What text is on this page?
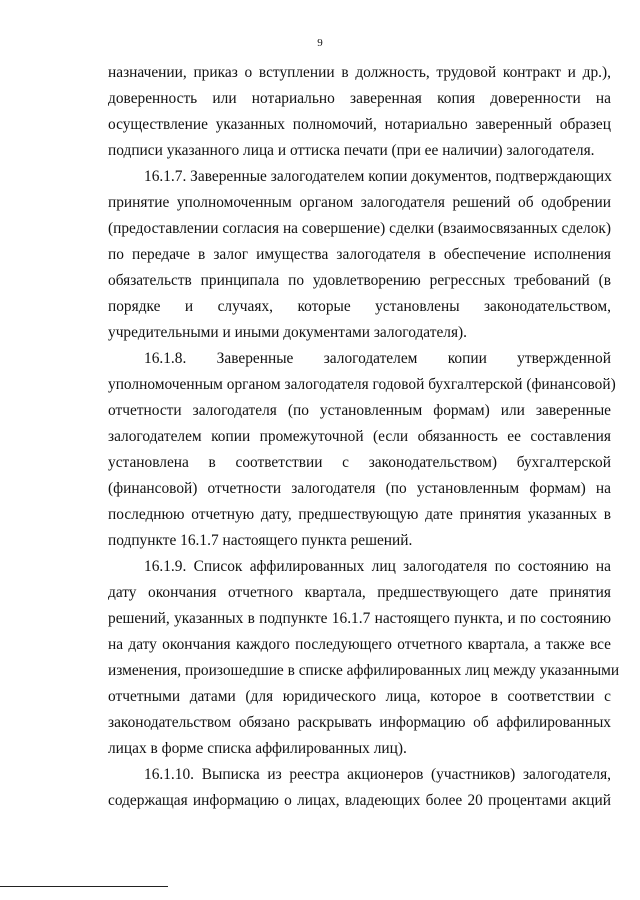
9
назначении, приказ о вступлении в должность, трудовой контракт и др.),
доверенность или нотариально заверенная копия доверенности на
осуществление указанных полномочий, нотариально заверенный образец
подписи указанного лица и оттиска печати (при ее наличии) залогодателя.
16.1.7. Заверенные залогодателем копии документов, подтверждающих
принятие уполномоченным органом залогодателя решений об одобрении
(предоставлении согласия на совершение) сделки (взаимосвязанных сделок)
по передаче в залог имущества залогодателя в обеспечение исполнения
обязательств принципала по удовлетворению регрессных требований (в
порядке и случаях, которые установлены законодательством,
учредительными и иными документами залогодателя).
16.1.8. Заверенные залогодателем копии утвержденной
уполномоченным органом залогодателя годовой бухгалтерской (финансовой)
отчетности залогодателя (по установленным формам) или заверенные
залогодателем копии промежуточной (если обязанность ее составления
установлена в соответствии с законодательством) бухгалтерской
(финансовой) отчетности залогодателя (по установленным формам) на
последнюю отчетную дату, предшествующую дате принятия указанных в
подпункте 16.1.7 настоящего пункта решений.
16.1.9. Список аффилированных лиц залогодателя по состоянию на
дату окончания отчетного квартала, предшествующего дате принятия
решений, указанных в подпункте 16.1.7 настоящего пункта, и по состоянию
на дату окончания каждого последующего отчетного квартала, а также все
изменения, произошедшие в списке аффилированных лиц между указанными
отчетными датами (для юридического лица, которое в соответствии с
законодательством обязано раскрывать информацию об аффилированных
лицах в форме списка аффилированных лиц).
16.1.10. Выписка из реестра акционеров (участников) залогодателя,
содержащая информацию о лицах, владеющих более 20 процентами акций
